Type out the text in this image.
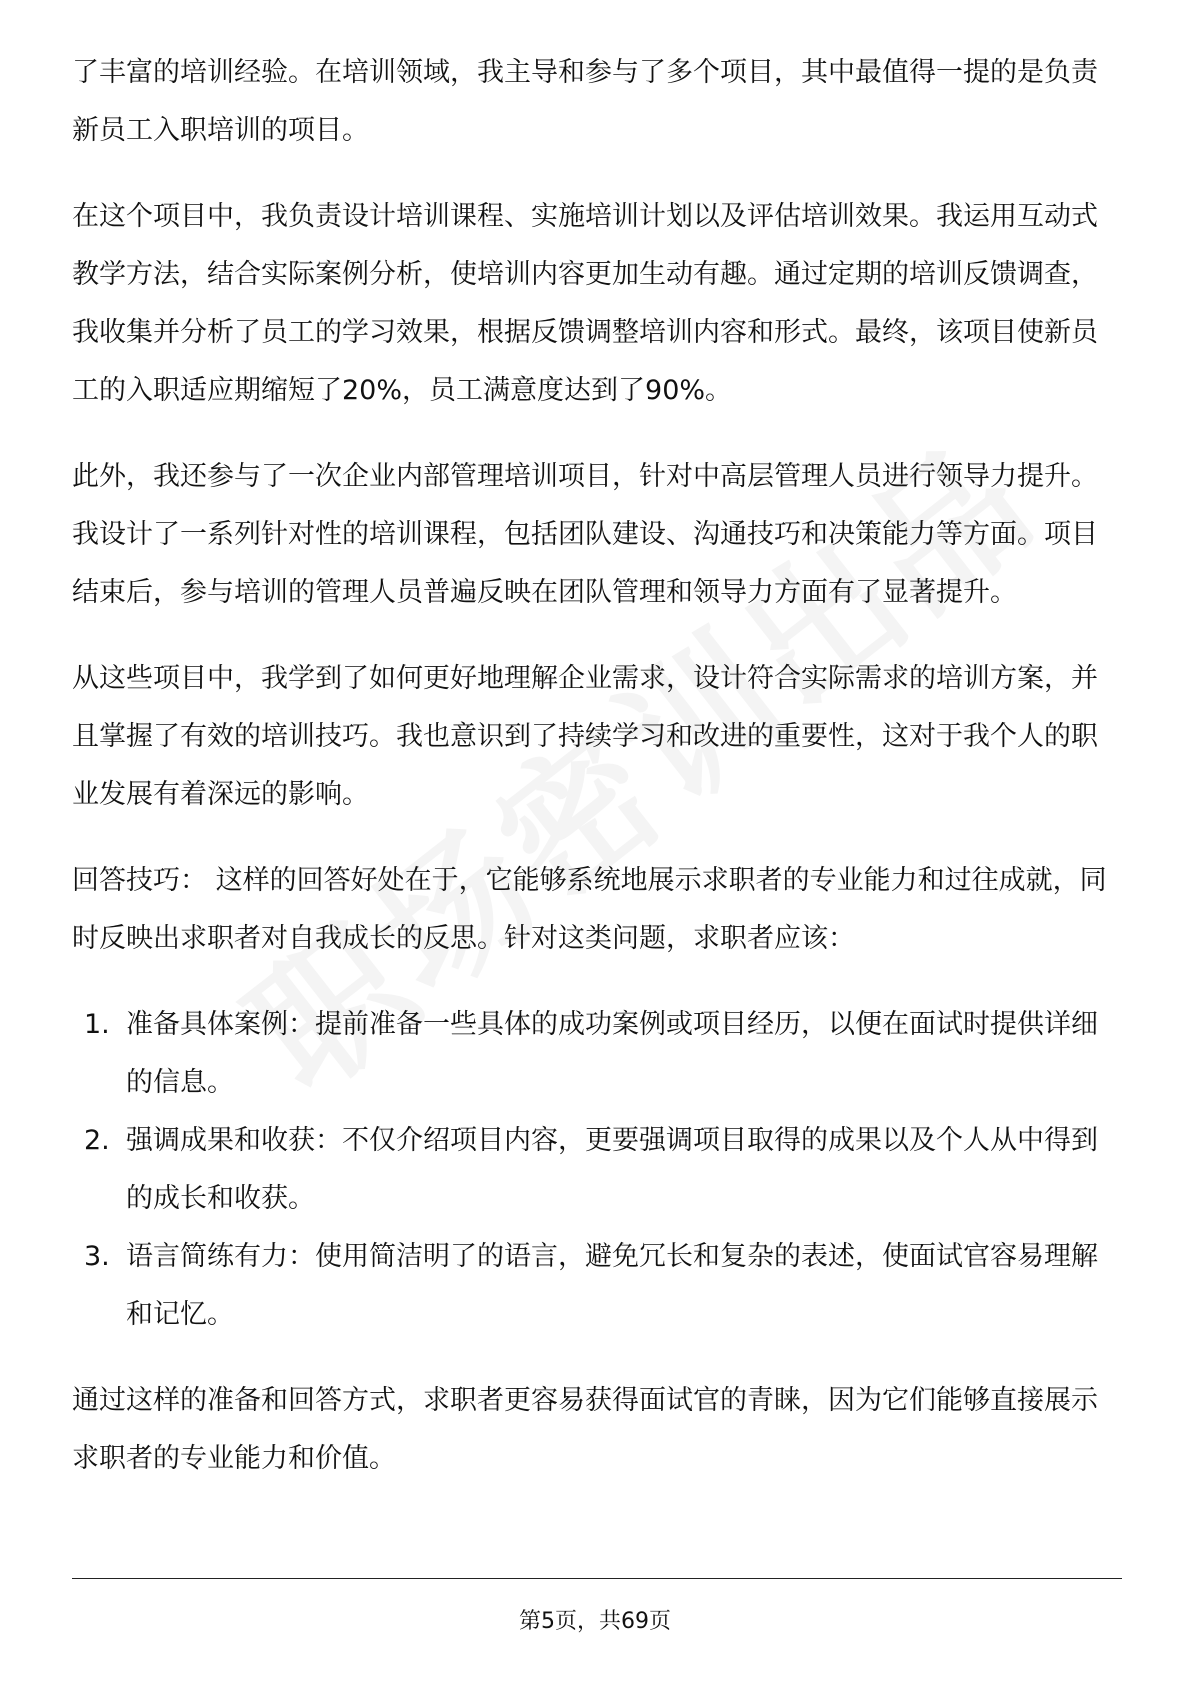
了丰富的培训经验。在培训领域，我主导和参与了多个项目，其中最值得一提的是负责新员工入职培训的项目。

在这个项目中，我负责设计培训课程、实施培训计划以及评估培训效果。我运用互动式教学方法，结合实际案例分析，使培训内容更加生动有趣。通过定期的培训反馈调查，我收集并分析了员工的学习效果，根据反馈调整培训内容和形式。最终，该项目使新员工的入职适应期缩短了20%，员工满意度达到了90%。

此外，我还参与了一次企业内部管理培训项目，针对中高层管理人员进行领导力提升。我设计了一系列针对性的培训课程，包括团队建设、沟通技巧和决策能力等方面。项目结束后，参与培训的管理人员普遍反映在团队管理和领导力方面有了显著提升。

从这些项目中，我学到了如何更好地理解企业需求，设计符合实际需求的培训方案，并且掌握了有效的培训技巧。我也意识到了持续学习和改进的重要性，这对于我个人的职业发展有着深远的影响。

回答技巧： 这样的回答好处在于，它能够系统地展示求职者的专业能力和过往成就，同时反映出求职者对自我成长的反思。针对这类问题，求职者应该：

1. 准备具体案例：提前准备一些具体的成功案例或项目经历，以便在面试时提供详细的信息。
2. 强调成果和收获：不仅介绍项目内容，更要强调项目取得的成果以及个人从中得到的成长和收获。
3. 语言简练有力：使用简洁明了的语言，避免冗长和复杂的表述，使面试官容易理解和记忆。

通过这样的准备和回答方式，求职者更容易获得面试官的青睐，因为它们能够直接展示求职者的专业能力和价值。

第5页，共69页
